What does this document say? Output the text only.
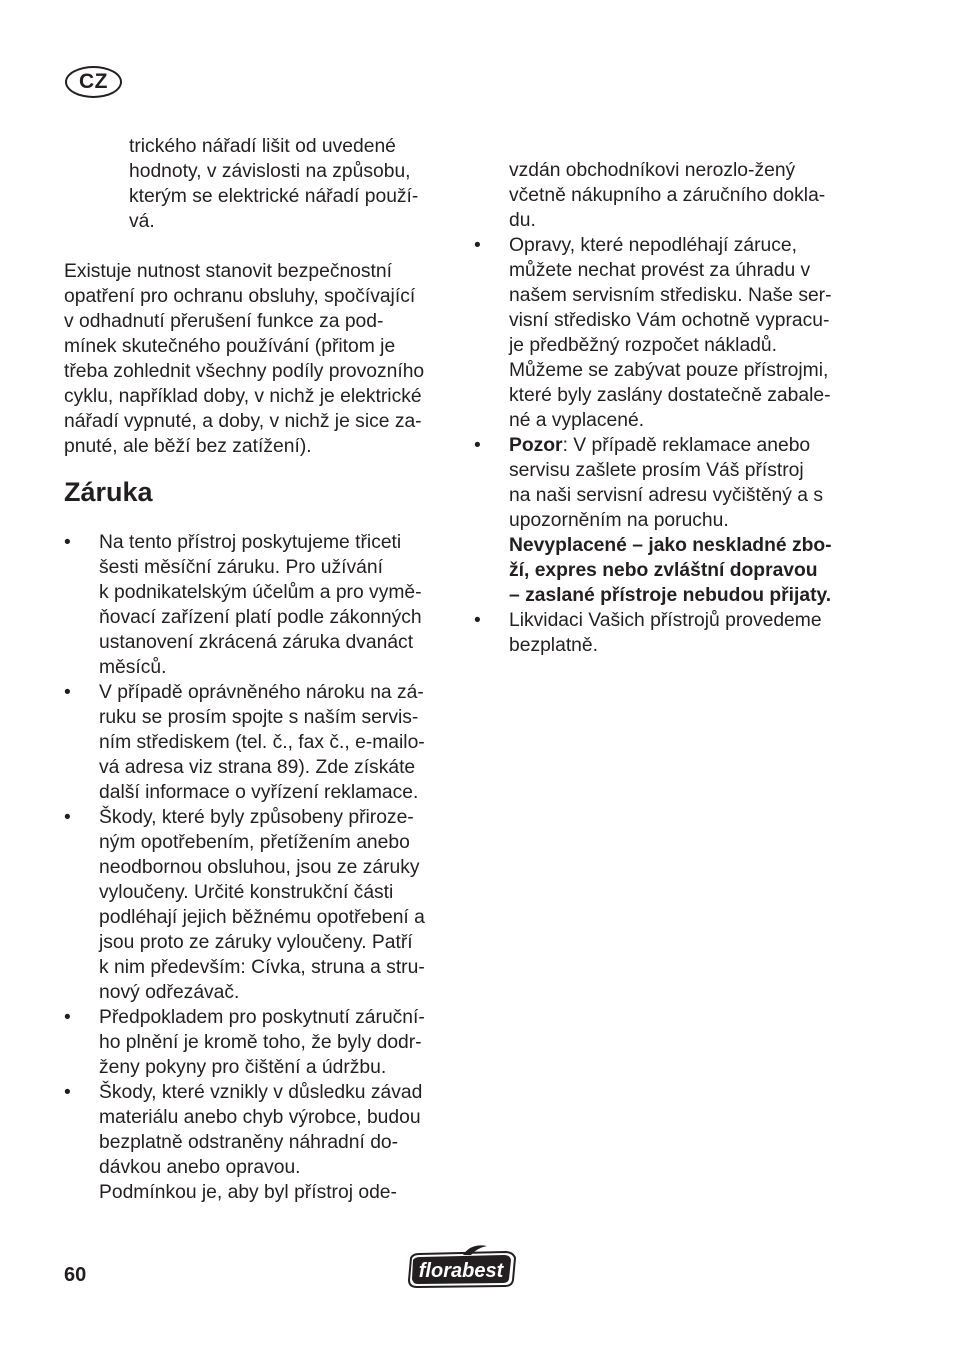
CZ
trického nářadí lišit od uvedené
hodnoty, v závislosti na způsobu,
kterým se elektrické nářadí použí-
vá.
Existuje nutnost stanovit bezpečnostní
opatření pro ochranu obsluhy, spočívající
v odhadnutí přerušení funkce za pod-
mínek skutečného používání (přitom je
třeba zohlednit všechny podíly provozního
cyklu, například doby, v nichž je elektrické
nářadí vypnuté, a doby, v nichž je sice za-
pnuté, ale běží bez zatížení).
Záruka
• Na tento přístroj poskytujeme třiceti
šesti měsíční záruku. Pro užívání
k podnikatelským účelům a pro vymě-
ňovací zařízení platí podle zákonných
ustanovení zkrácená záruka dvanáct
měsíců.
• V případě oprávněného nároku na zá-
ruku se prosím spojte s naším servis-
ním střediskem (tel. č., fax č., e-mailo-
vá adresa viz strana 89). Zde získáte
další informace o vyřízení reklamace.
• Škody, které byly způsobeny přiroze-
ným opotřebením, přetížením anebo
neodbornou obsluhou, jsou ze záruky
vyloučeny. Určité konstrukční části
podléhají jejich běžnému opotřebení a
jsou proto ze záruky vyloučeny. Patří
k nim především: Cívka, struna a stru-
nový odřezávač.
• Předpokladem pro poskytnutí záruční-
ho plnění je kromě toho, že byly dodr-
ženy pokyny pro čištění a údržbu.
• Škody, které vznikly v důsledku závad
materiálu anebo chyb výrobce, budou
bezplatně odstraněny náhradní do-
dávkou anebo opravou.
Podmínkou je, aby byl přístroj ode-
vzdán obchodníkovi nerozlo-žený
včetně nákupního a záručního dokla-
du.
• Opravy, které nepodléhají záruce,
můžete nechat provést za úhradu v
našem servisním středisku. Naše ser-
visní středisko Vám ochotně vypracu-
je předběžný rozpočet nákladů.
Můžeme se zabývat pouze přístrojmi,
které byly zaslány dostatečně zabale-
né a vyplacené.
• Pozor: V případě reklamace anebo
servisu zašlete prosím Váš přístroj
na naši servisní adresu vyčištěný a s
upozorněním na poruchu.
Nevyplacené – jako neskladné zbo-
ží, expres nebo zvláštní dopravou
– zaslané přístroje nebudou přijaty.
• Likvidaci Vašich přístrojů provedeme
bezplatně.
60	florabest
